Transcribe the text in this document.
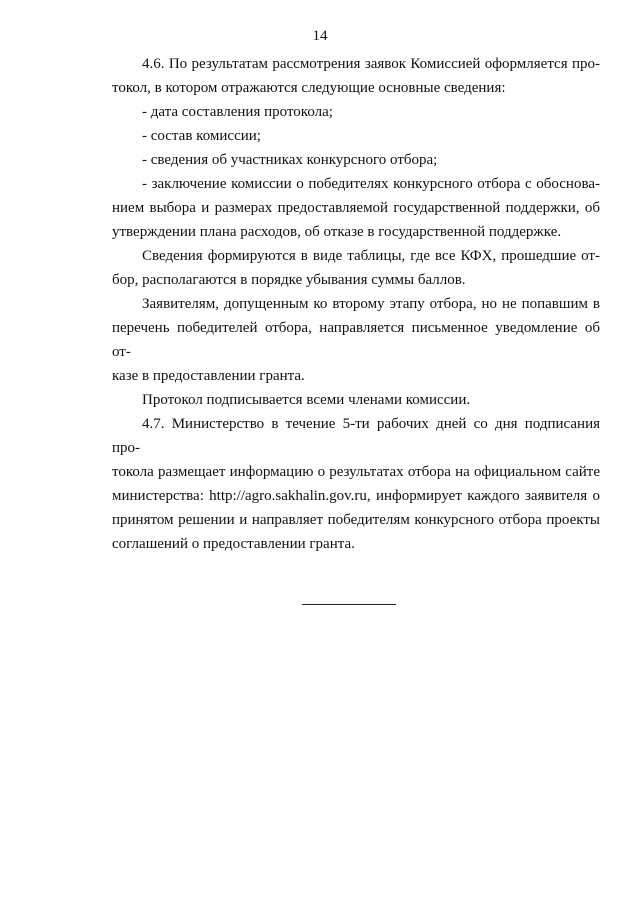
14

4.6. По результатам рассмотрения заявок Комиссией оформляется про-
токол, в котором отражаются следующие основные сведения:

- дата составления протокола;

- состав комиссии;

- сведения об участниках конкурсного отбора;

- заключение комиссии о победителях конкурсного отбора с обоснова-
нием выбора и размерах предоставляемой государственной поддержки, об
утверждении плана расходов, об отказе в государственной поддержке.

Сведения формируются в виде таблицы, где все КФХ, прошедшие от-
бор, располагаются в порядке убывания суммы баллов.

Заявителям, допущенным ко второму этапу отбора, но не попавшим в
перечень победителей отбора, направляется письменное уведомление об от-
казе в предоставлении гранта.

Протокол подписывается всеми членами комиссии.

4.7. Министерство в течение 5-ти рабочих дней со дня подписания про-
токола размещает информацию о результатах отбора на официальном сайте
министерства: http://agro.sakhalin.gov.ru, информирует каждого заявителя о
принятом решении и направляет победителям конкурсного отбора проекты
соглашений о предоставлении гранта.
